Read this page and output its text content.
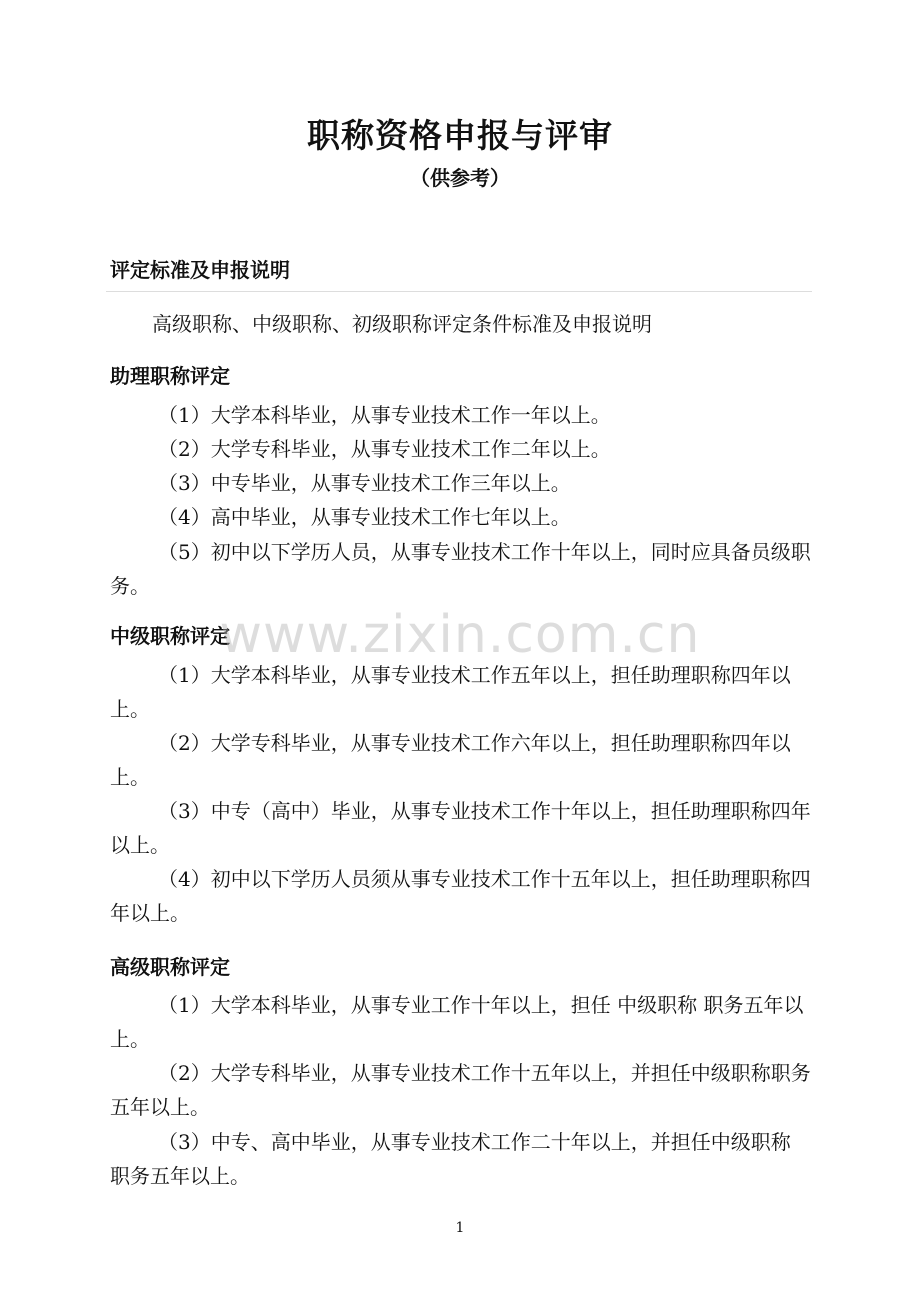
职称资格申报与评审
（供参考）
评定标准及申报说明
高级职称、中级职称、初级职称评定条件标准及申报说明
助理职称评定
（1）大学本科毕业，从事专业技术工作一年以上。
（2）大学专科毕业，从事专业技术工作二年以上。
（3）中专毕业，从事专业技术工作三年以上。
（4）高中毕业，从事专业技术工作七年以上。
（5）初中以下学历人员，从事专业技术工作十年以上，同时应具备员级职务。
中级职称评定
（1）大学本科毕业，从事专业技术工作五年以上，担任助理职称四年以上。
（2）大学专科毕业，从事专业技术工作六年以上，担任助理职称四年以上。
（3）中专（高中）毕业，从事专业技术工作十年以上，担任助理职称四年以上。
（4）初中以下学历人员须从事专业技术工作十五年以上，担任助理职称四年以上。
高级职称评定
（1）大学本科毕业，从事专业工作十年以上，担任 中级职称 职务五年以上。
（2）大学专科毕业，从事专业技术工作十五年以上，并担任中级职称职务五年以上。
（3）中专、高中毕业，从事专业技术工作二十年以上，并担任中级职称 职务五年以上。
www.zixin.com.cn
1
